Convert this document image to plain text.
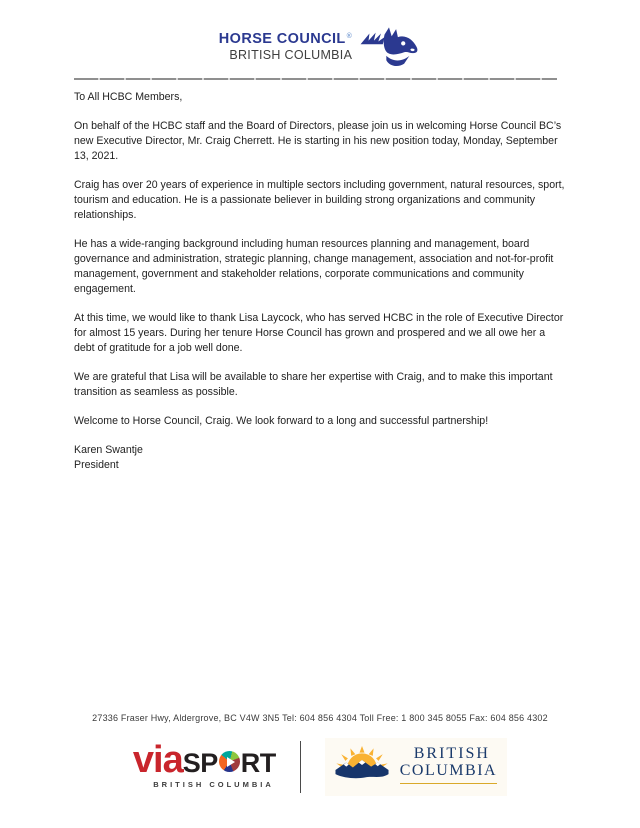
HORSE COUNCIL®
BRITISH COLUMBIA

To All HCBC Members,

On behalf of the HCBC staff and the Board of Directors, please join us in welcoming Horse Council BC’s new Executive Director, Mr. Craig Cherrett. He is starting in his new position today, Monday, September 13, 2021.

Craig has over 20 years of experience in multiple sectors including government, natural resources, sport, tourism and education. He is a passionate believer in building strong organizations and community relationships.

He has a wide-ranging background including human resources planning and management, board governance and administration, strategic planning, change management, association and not-for-profit management, government and stakeholder relations, corporate communications and community engagement.

At this time, we would like to thank Lisa Laycock, who has served HCBC in the role of Executive Director for almost 15 years. During her tenure Horse Council has grown and prospered and we all owe her a debt of gratitude for a job well done.

We are grateful that Lisa will be available to share her expertise with Craig, and to make this important transition as seamless as possible.

Welcome to Horse Council, Craig. We look forward to a long and successful partnership!

Karen Swantje
President
27336 Fraser Hwy, Aldergrove, BC V4W 3N5 Tel: 604 856 4304 Toll Free: 1 800 345 8055 Fax: 604 856 4302
via SP RT
BRITISH COLUMBIA
BRITISH
COLUMBIA
